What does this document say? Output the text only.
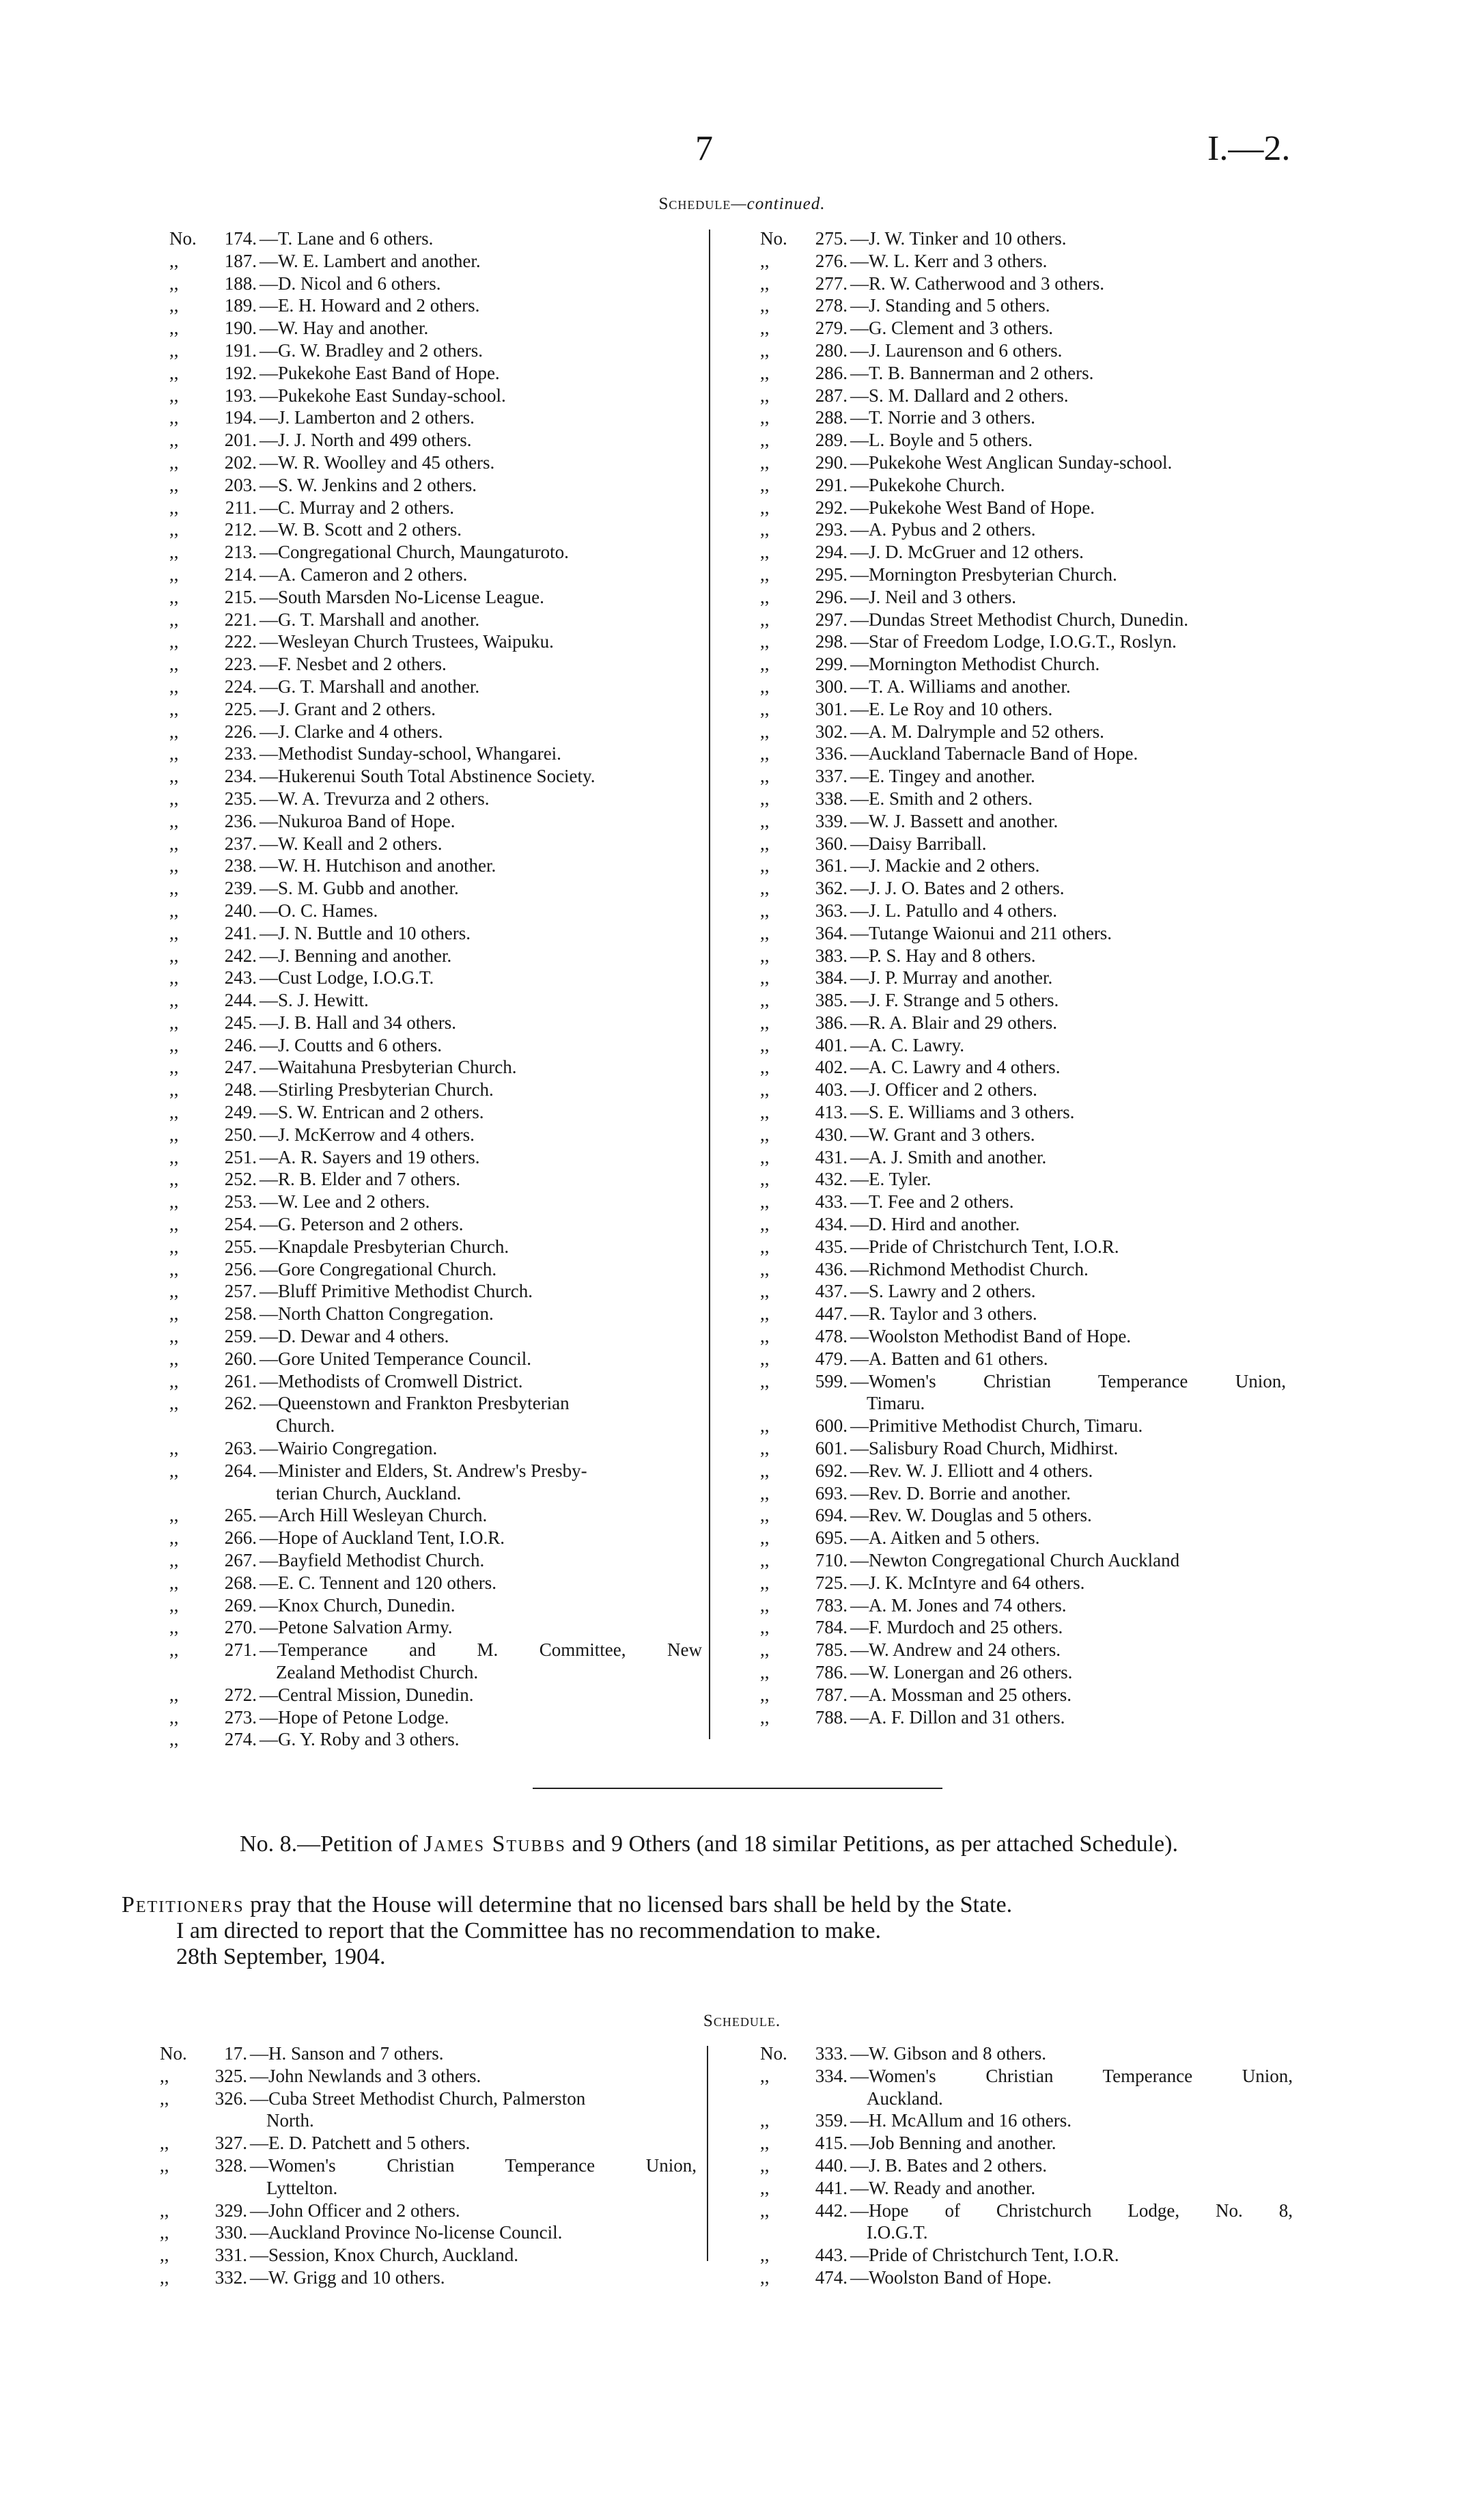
7	I.—2.
Schedule—continued.
No.	174. —T. Lane and 6 others.
,,	187. —W. E. Lambert and another.
,,	188. —D. Nicol and 6 others.
,,	189. —E. H. Howard and 2 others.
,,	190. —W. Hay and another.
,,	191. —G. W. Bradley and 2 others.
,,	192. —Pukekohe East Band of Hope.
,,	193. —Pukekohe East Sunday-school.
,,	194. —J. Lamberton and 2 others.
,,	201. —J. J. North and 499 others.
,,	202. —W. R. Woolley and 45 others.
,,	203. —S. W. Jenkins and 2 others.
,,	211. —C. Murray and 2 others.
,,	212. —W. B. Scott and 2 others.
,,	213. —Congregational Church, Maungaturoto.
,,	214. —A. Cameron and 2 others.
,,	215. —South Marsden No-License League.
,,	221. —G. T. Marshall and another.
,,	222. —Wesleyan Church Trustees, Waipuku.
,,	223. —F. Nesbet and 2 others.
,,	224. —G. T. Marshall and another.
,,	225. —J. Grant and 2 others.
,,	226. —J. Clarke and 4 others.
,,	233. —Methodist Sunday-school, Whangarei.
,,	234. —Hukerenui South Total Abstinence Society.
,,	235. —W. A. Trevurza and 2 others.
,,	236. —Nukuroa Band of Hope.
,,	237. —W. Keall and 2 others.
,,	238. —W. H. Hutchison and another.
,,	239. —S. M. Gubb and another.
,,	240. —O. C. Hames.
,,	241. —J. N. Buttle and 10 others.
,,	242. —J. Benning and another.
,,	243. —Cust Lodge, I.O.G.T.
,,	244. —S. J. Hewitt.
,,	245. —J. B. Hall and 34 others.
,,	246. —J. Coutts and 6 others.
,,	247. —Waitahuna Presbyterian Church.
,,	248. —Stirling Presbyterian Church.
,,	249. —S. W. Entrican and 2 others.
,,	250. —J. McKerrow and 4 others.
,,	251. —A. R. Sayers and 19 others.
,,	252. —R. B. Elder and 7 others.
,,	253. —W. Lee and 2 others.
,,	254. —G. Peterson and 2 others.
,,	255. —Knapdale Presbyterian Church.
,,	256. —Gore Congregational Church.
,,	257. —Bluff Primitive Methodist Church.
,,	258. —North Chatton Congregation.
,,	259. —D. Dewar and 4 others.
,,	260. —Gore United Temperance Council.
,,	261. —Methodists of Cromwell District.
,,	262. —Queenstown and Frankton Presbyterian
Church.
,,	263. —Wairio Congregation.
,,	264. —Minister and Elders, St. Andrew's Presby-
terian Church, Auckland.
,,	265. —Arch Hill Wesleyan Church.
,,	266. —Hope of Auckland Tent, I.O.R.
,,	267. —Bayfield Methodist Church.
,,	268. —E. C. Tennent and 120 others.
,,	269. —Knox Church, Dunedin.
,,	270. —Petone Salvation Army.
,,	271. —Temperance and M. Committee, New
Zealand Methodist Church.
,,	272. —Central Mission, Dunedin.
,,	273. —Hope of Petone Lodge.
,,	274. —G. Y. Roby and 3 others.
No.	275. —J. W. Tinker and 10 others.
,,	276. —W. L. Kerr and 3 others.
,,	277. —R. W. Catherwood and 3 others.
,,	278. —J. Standing and 5 others.
,,	279. —G. Clement and 3 others.
,,	280. —J. Laurenson and 6 others.
,,	286. —T. B. Bannerman and 2 others.
,,	287. —S. M. Dallard and 2 others.
,,	288. —T. Norrie and 3 others.
,,	289. —L. Boyle and 5 others.
,,	290. —Pukekohe West Anglican Sunday-school.
,,	291. —Pukekohe Church.
,,	292. —Pukekohe West Band of Hope.
,,	293. —A. Pybus and 2 others.
,,	294. —J. D. McGruer and 12 others.
,,	295. —Mornington Presbyterian Church.
,,	296. —J. Neil and 3 others.
,,	297. —Dundas Street Methodist Church, Dunedin.
,,	298. —Star of Freedom Lodge, I.O.G.T., Roslyn.
,,	299. —Mornington Methodist Church.
,,	300. —T. A. Williams and another.
,,	301. —E. Le Roy and 10 others.
,,	302. —A. M. Dalrymple and 52 others.
,,	336. —Auckland Tabernacle Band of Hope.
,,	337. —E. Tingey and another.
,,	338. —E. Smith and 2 others.
,,	339. —W. J. Bassett and another.
,,	360. —Daisy Barriball.
,,	361. —J. Mackie and 2 others.
,,	362. —J. J. O. Bates and 2 others.
,,	363. —J. L. Patullo and 4 others.
,,	364. —Tutange Waionui and 211 others.
,,	383. —P. S. Hay and 8 others.
,,	384. —J. P. Murray and another.
,,	385. —J. F. Strange and 5 others.
,,	386. —R. A. Blair and 29 others.
,,	401. —A. C. Lawry.
,,	402. —A. C. Lawry and 4 others.
,,	403. —J. Officer and 2 others.
,,	413. —S. E. Williams and 3 others.
,,	430. —W. Grant and 3 others.
,,	431. —A. J. Smith and another.
,,	432. —E. Tyler.
,,	433. —T. Fee and 2 others.
,,	434. —D. Hird and another.
,,	435. —Pride of Christchurch Tent, I.O.R.
,,	436. —Richmond Methodist Church.
,,	437. —S. Lawry and 2 others.
,,	447. —R. Taylor and 3 others.
,,	478. —Woolston Methodist Band of Hope.
,,	479. —A. Batten and 61 others.
,,	599. —Women's Christian Temperance Union,
Timaru.
,,	600. —Primitive Methodist Church, Timaru.
,,	601. —Salisbury Road Church, Midhirst.
,,	692. —Rev. W. J. Elliott and 4 others.
,,	693. —Rev. D. Borrie and another.
,,	694. —Rev. W. Douglas and 5 others.
,,	695. —A. Aitken and 5 others.
,,	710. —Newton Congregational Church Auckland
,,	725. —J. K. McIntyre and 64 others.
,,	783. —A. M. Jones and 74 others.
,,	784. —F. Murdoch and 25 others.
,,	785. —W. Andrew and 24 others.
,,	786. —W. Lonergan and 26 others.
,,	787. —A. Mossman and 25 others.
,,	788. —A. F. Dillon and 31 others.
No. 8.—Petition of James Stubbs and 9 Others (and 18 similar Petitions, as per attached Schedule).
Petitioners pray that the House will determine that no licensed bars shall be held by the State.
I am directed to report that the Committee has no recommendation to make.
28th September, 1904.
Schedule.
No.	17. —H. Sanson and 7 others.
,,	325. —John Newlands and 3 others.
,,	326. —Cuba Street Methodist Church, Palmerston
North.
,,	327. —E. D. Patchett and 5 others.
,,	328. —Women's Christian Temperance Union,
Lyttelton.
,,	329. —John Officer and 2 others.
,,	330. —Auckland Province No-license Council.
,,	331. —Session, Knox Church, Auckland.
,,	332. —W. Grigg and 10 others.
No.	333. —W. Gibson and 8 others.
,,	334. —Women's Christian Temperance Union,
Auckland.
,,	359. —H. McAllum and 16 others.
,,	415. —Job Benning and another.
,,	440. —J. B. Bates and 2 others.
,,	441. —W. Ready and another.
,,	442. —Hope of Christchurch Lodge, No. 8,
I.O.G.T.
,,	443. —Pride of Christchurch Tent, I.O.R.
,,	474. —Woolston Band of Hope.
